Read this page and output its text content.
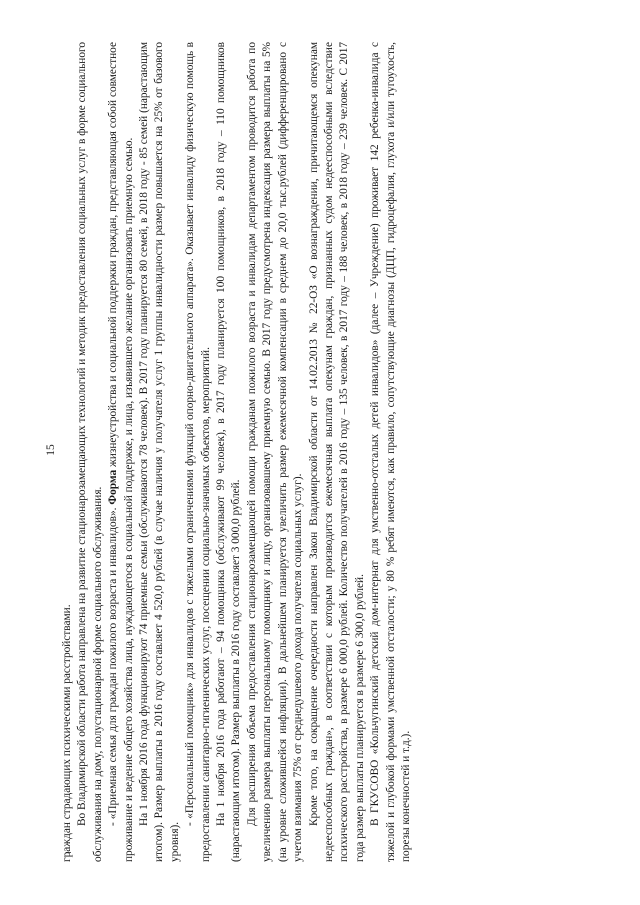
15

граждан страдающих психическими расстройствами. Во Владимирской области работа направлена на развитие стационарозамещающих технологий и методик предоставления социальных услуг в форме социального обслуживания на дому, полустационарной форме социального обслуживания. - «Приемная семья для граждан пожилого возраста и инвалидов». Форма жизнеустройства и социальной поддержки граждан, представляющая собой совместное проживание и ведение общего хозяйства лица, нуждающегося в социальной поддержке, и лица, изъявившего желание организовать приемную семью. На 1 ноября 2016 года функционируют 74 приемные семьи (обслуживаются 78 человек). В 2017 году планируется 80 семей, в 2018 году - 85 семей (нарастающим итогом). Размер выплаты в 2016 году составляет 4 520,0 рублей (в случае наличия у получателя услуг 1 группы инвалидности размер повышается на 25% от базового уровня).

- «Персональный помощник» для инвалидов с тяжелыми ограничениями функций опорно-двигательного аппарата». Оказывает инвалиду физическую помощь в предоставлении санитарно-гигиенических услуг, посещении социально-значимых объектов, мероприятий. На 1 ноября 2016 года работают – 94 помощника (обслуживают 99 человек), в 2017 году планируется 100 помощников, в 2018 году – 110 помощников (нарастающим итогом). Размер выплаты в 2016 году составляет 3 000,0 рублей. Для расширения объема предоставления стационарозамещающей помощи гражданам пожилого возраста и инвалидам департаментом проводится работа по увеличению размера выплаты персональному помощнику и лицу, организовавшему приемную семью. В 2017 году предусмотрена индексация размера выплаты на 5% (на уровне сложившейся инфляции). В дальнейшем планируется увеличить размер ежемесячной компенсации в среднем до 20,0 тыс.рублей (дифференцировано с учетом взимания 75% от среднедушевого дохода получателя социальных услуг). Кроме того, на сокращение очередности направлен Закон Владимирской области от 14.02.2013 № 22-ОЗ «О вознаграждении, причитающемся опекунам недееспособных граждан», в соответствии с которым производится ежемесячная выплата опекунам граждан, признанных судом недееспособными вследствие психического расстройства, в размере 6 000,0 рублей. Количество получателей в 2016 году – 135 человек, в 2017 году – 188 человек, в 2018 году – 239 человек. С 2017 года размер выплаты планируется в размере 6 300,0 рублей. В ГКУСОВО «Кольчугинский детский дом-интернат для умственно-отсталых детей инвалидов» (далее – Учреждение) проживает 142 ребенка-инвалида с тяжелой и глубокой формами умственной отсталости; у 80 % ребят имеются, как правило, сопутствующие диагнозы (ДЦП, гидроцефалия, глухота и/или тугоухость, порезы конечностей и т.д.).
